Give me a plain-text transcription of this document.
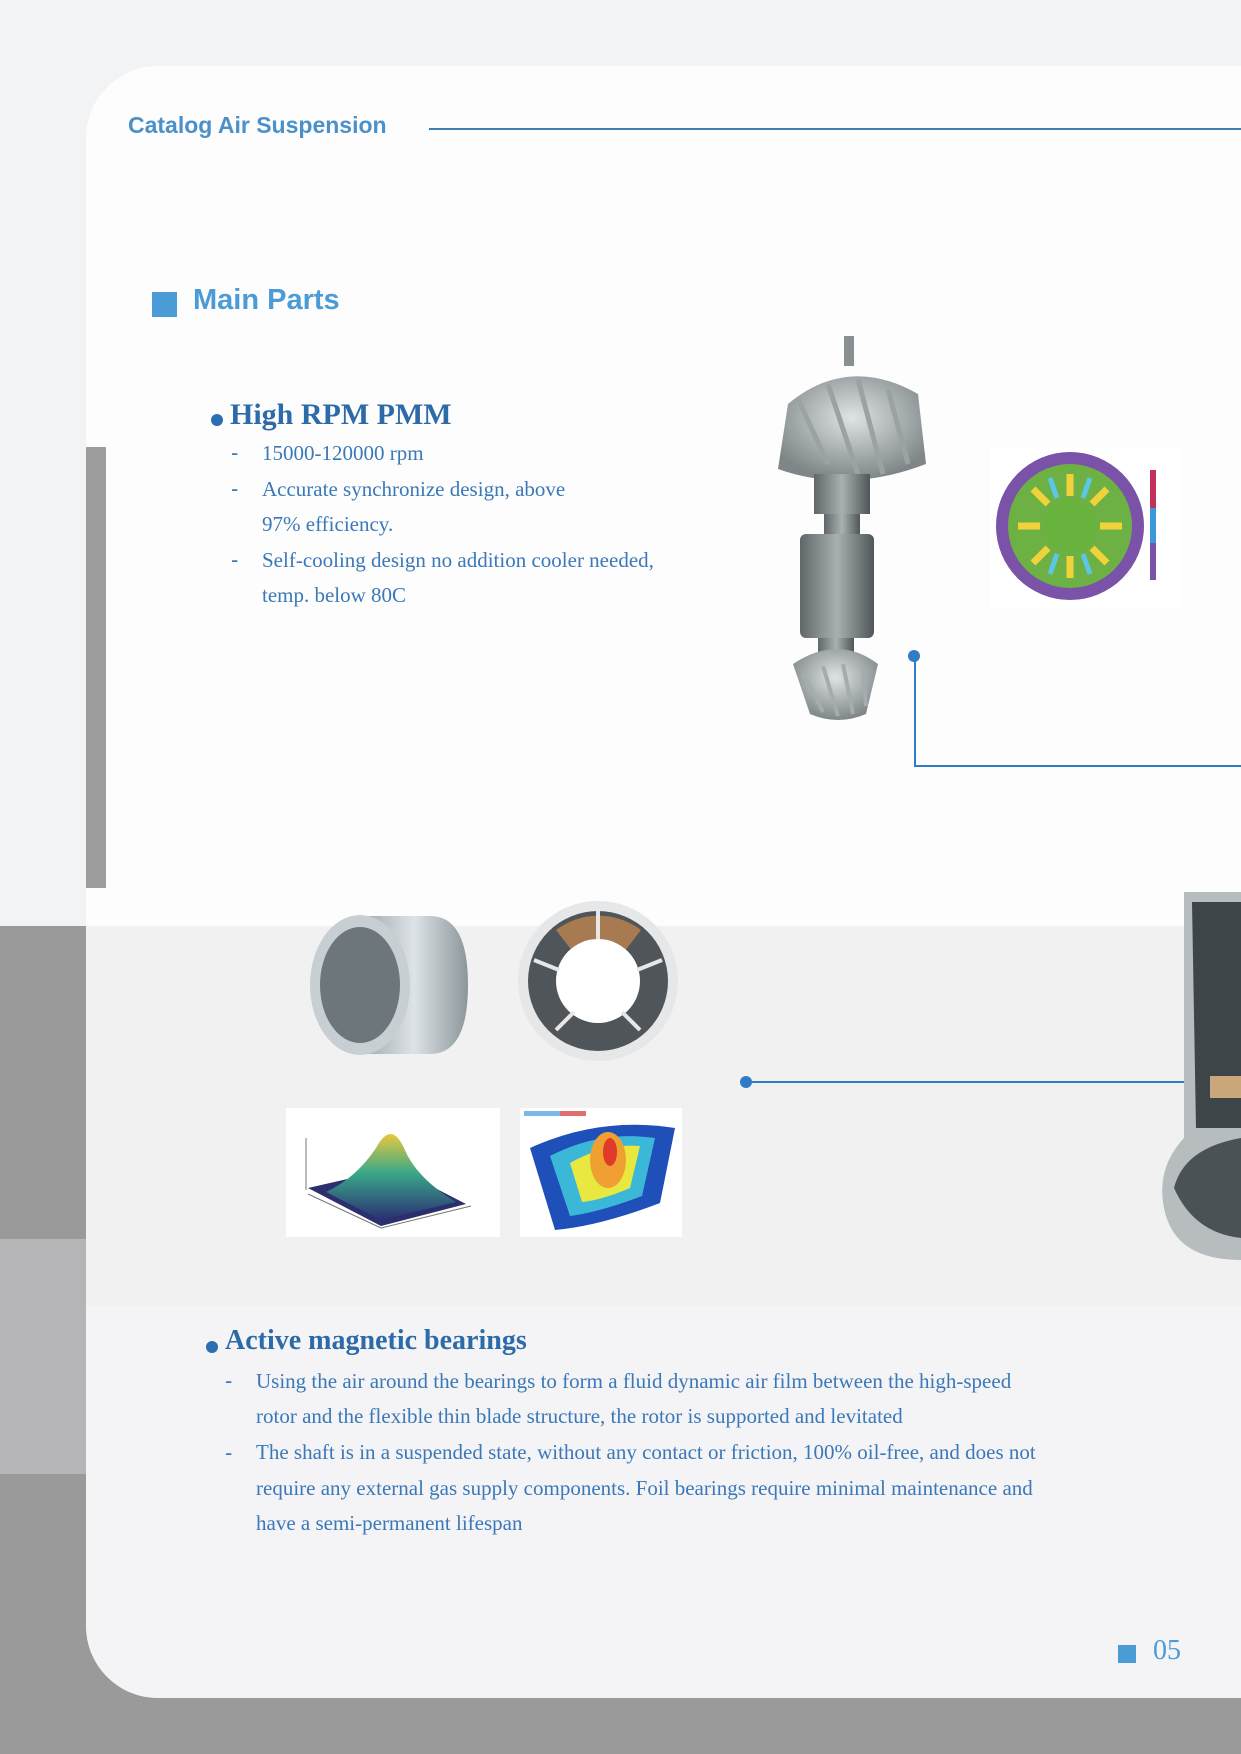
Catalog Air Suspension
Main Parts
High RPM PMM
- 15000-120000 rpm
- Accurate synchronize design, above
97% efficiency.
- Self-cooling design no addition cooler needed,
temp. below 80C
Active magnetic bearings
- Using the air around the bearings to form a fluid dynamic air film between the high-speed
rotor and the flexible thin blade structure, the rotor is supported and levitated
- The shaft is in a suspended state, without any contact or friction, 100% oil-free, and does not
require any external gas supply components. Foil bearings require minimal maintenance and
have a semi-permanent lifespan
05
